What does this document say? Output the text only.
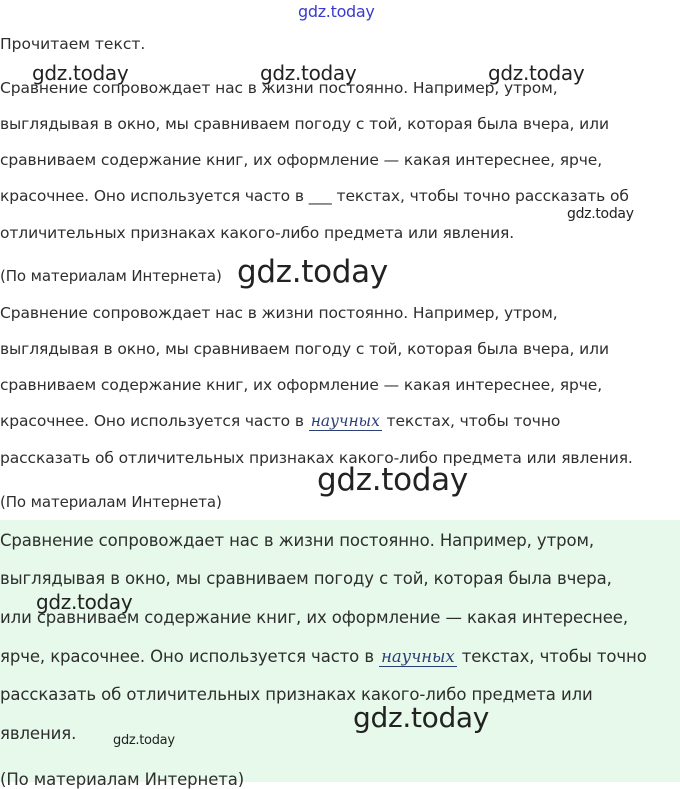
gdz.today
Прочитаем текст.
gdz.today	gdz.today	gdz.today
Сравнение сопровождает нас в жизни постоянно. Например, утром,
выглядывая в окно, мы сравниваем погоду с той, которая была вчера, или
сравниваем содержание книг, их оформление — какая интереснее, ярче,
красочнее. Оно используется часто в ___ текстах, чтобы точно рассказать об
отличительных признаках какого-либо предмета или явления.
gdz.today
(По материалам Интернета) gdz.today
Сравнение сопровождает нас в жизни постоянно. Например, утром,
выглядывая в окно, мы сравниваем погоду с той, которая была вчера, или
сравниваем содержание книг, их оформление — какая интереснее, ярче,
красочнее. Оно используется часто в научных текстах, чтобы точно
рассказать об отличительных признаках какого-либо предмета или явления.
gdz.today
(По материалам Интернета)
Сравнение сопровождает нас в жизни постоянно. Например, утром,
выглядывая в окно, мы сравниваем погоду с той, которая была вчера,
или сравниваем содержание книг, их оформление — какая интереснее,
ярче, красочнее. Оно используется часто в научных текстах, чтобы точно
рассказать об отличительных признаках какого-либо предмета или
явления.
(По материалам Интернета)
gdz.today
gdz.today
gdz.today
